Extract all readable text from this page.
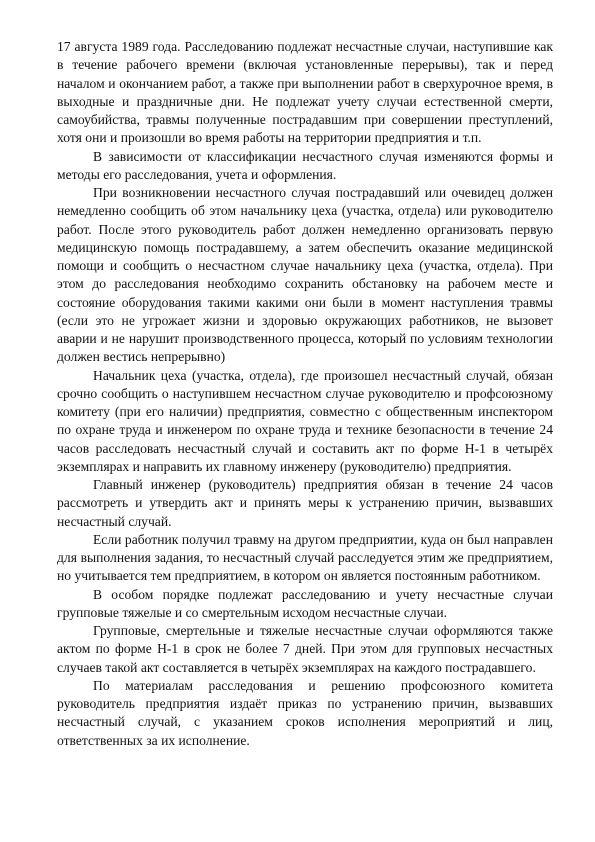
17 августа 1989 года. Расследованию подлежат несчастные случаи, наступившие как в течение рабочего времени (включая установленные перерывы), так и перед началом и окончанием работ, а также при выполнении работ в сверхурочное время, в выходные и праздничные дни. Не подлежат учету случаи естественной смерти, самоубийства, травмы полученные пострадавшим при совершении преступлений, хотя они и произошли во время работы на территории предприятия и т.п.

В зависимости от классификации несчастного случая изменяются формы и методы его расследования, учета и оформления.

При возникновении несчастного случая пострадавший или очевидец должен немедленно сообщить об этом начальнику цеха (участка, отдела) или руководителю работ. После этого руководитель работ должен немедленно организовать первую медицинскую помощь пострадавшему, а затем обеспечить оказание медицинской помощи и сообщить о несчастном случае начальнику цеха (участка, отдела). При этом до расследования необходимо сохранить обстановку на рабочем месте и состояние оборудования такими какими они были в момент наступления травмы (если это не угрожает жизни и здоровью окружающих работников, не вызовет аварии и не нарушит производственного процесса, который по условиям технологии должен вестись непрерывно)

Начальник цеха (участка, отдела), где произошел несчастный случай, обязан срочно сообщить о наступившем несчастном случае руководителю и профсоюзному комитету (при его наличии) предприятия, совместно с общественным инспектором по охране труда и инженером по охране труда и технике безопасности в течение 24 часов расследовать несчастный случай и составить акт по форме Н-1 в четырёх экземплярах и направить их главному инженеру (руководителю) предприятия.

Главный инженер (руководитель) предприятия обязан в течение 24 часов рассмотреть и утвердить акт и принять меры к устранению причин, вызвавших несчастный случай.

Если работник получил травму на другом предприятии, куда он был направлен для выполнения задания, то несчастный случай расследуется этим же предприятием, но учитывается тем предприятием, в котором он является постоянным работником.

В особом порядке подлежат расследованию и учету несчастные случаи групповые тяжелые и со смертельным исходом несчастные случаи.

Групповые, смертельные и тяжелые несчастные случаи оформляются также актом по форме Н-1 в срок не более 7 дней. При этом для групповых несчастных случаев такой акт составляется в четырёх экземплярах на каждого пострадавшего.

По материалам расследования и решению профсоюзного комитета руководитель предприятия издаёт приказ по устранению причин, вызвавших несчастный случай, с указанием сроков исполнения мероприятий и лиц, ответственных за их исполнение.
